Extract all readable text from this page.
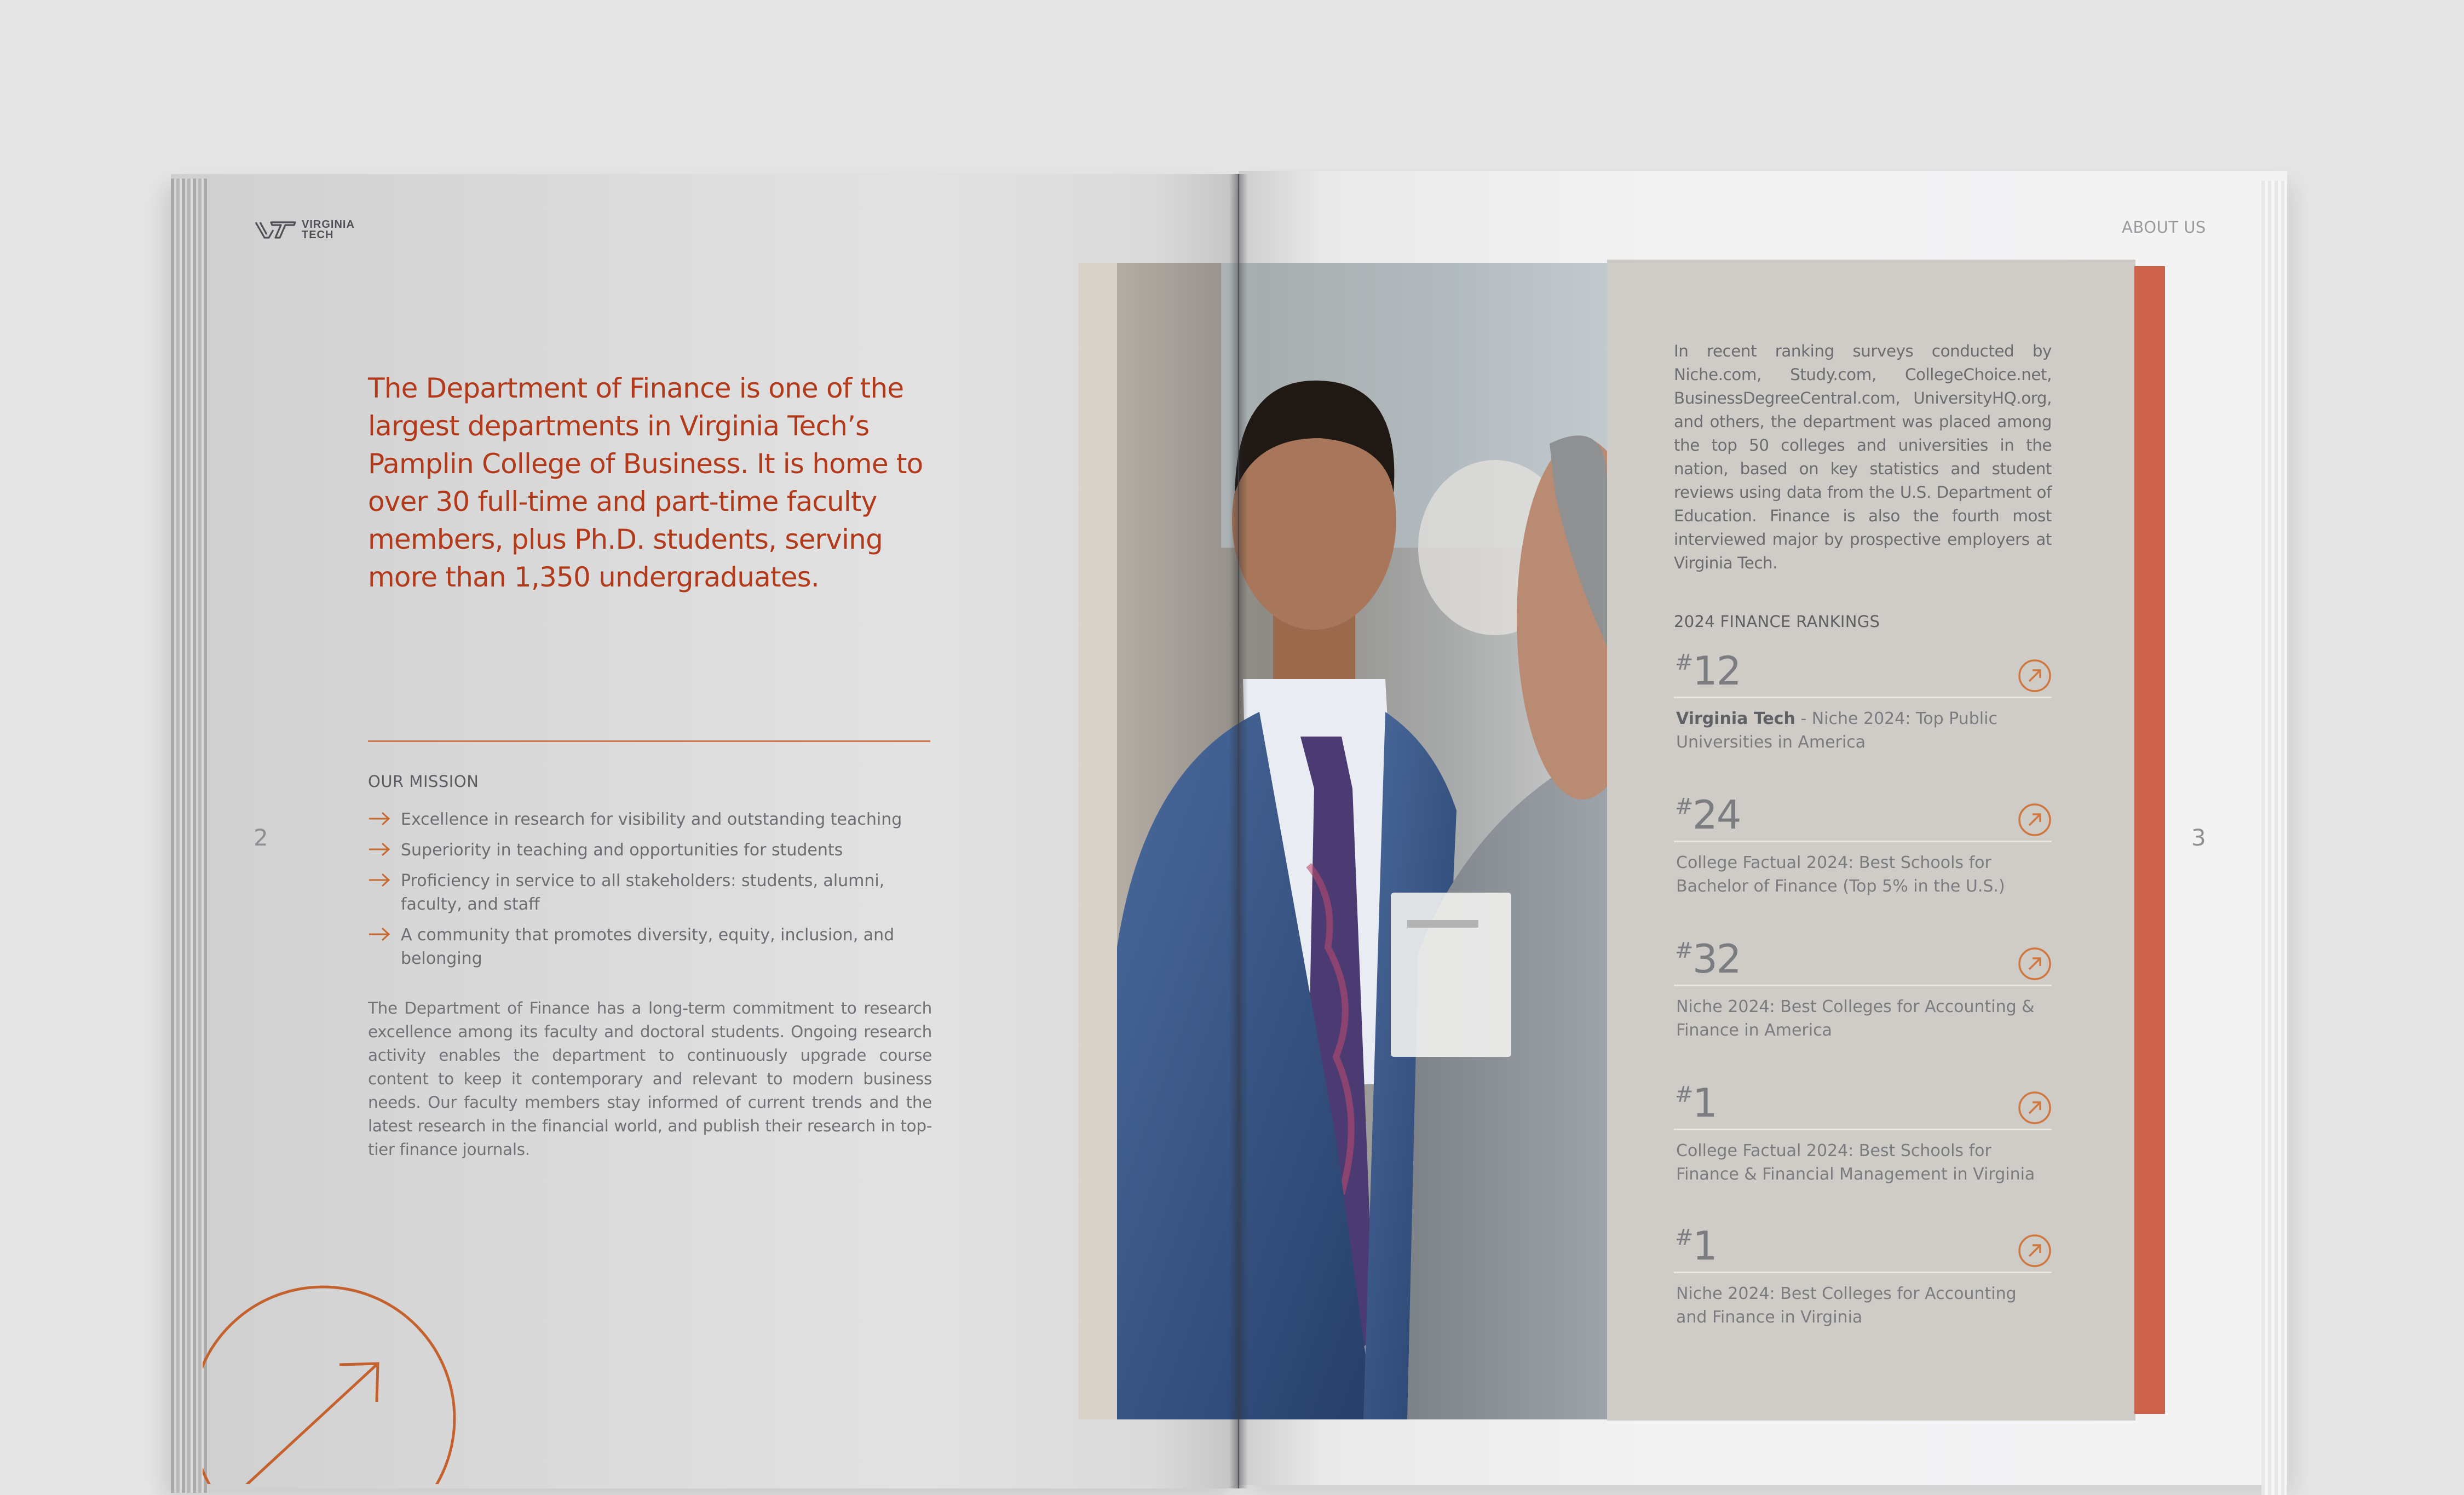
VIRGINIA
TECH

The Department of Finance is one of the largest departments in Virginia Tech’s Pamplin College of Business. It is home to over 30 full-time and part-time faculty members, plus Ph.D. students, serving more than 1,350 undergraduates.

OUR MISSION
Excellence in research for visibility and outstanding teaching
Superiority in teaching and opportunities for students
Proficiency in service to all stakeholders: students, alumni, faculty, and staff
A community that promotes diversity, equity, inclusion, and belonging

The Department of Finance has a long-term commitment to research excellence among its faculty and doctoral students. Ongoing research activity enables the department to continuously upgrade course content to keep it contemporary and relevant to modern business needs. Our faculty members stay informed of current trends and the latest research in the financial world, and publish their research in top-tier finance journals.

2
ABOUT US

In recent ranking surveys conducted by Niche.com, Study.com, CollegeChoice.net, BusinessDegreeCentral.com, UniversityHQ.org, and others, the department was placed among the top 50 colleges and universities in the nation, based on key statistics and student reviews using data from the U.S. Department of Education. Finance is also the fourth most interviewed major by prospective employers at Virginia Tech.

2024 FINANCE RANKINGS
#
12
Virginia Tech - Niche 2024: Top Public Universities in America
#
24
College Factual 2024: Best Schools for Bachelor of Finance (Top 5% in the U.S.)
#
32
Niche 2024: Best Colleges for Accounting & Finance in America
#
1
College Factual 2024: Best Schools for Finance & Financial Management in Virginia
#
1
Niche 2024: Best Colleges for Accounting and Finance in Virginia
3
